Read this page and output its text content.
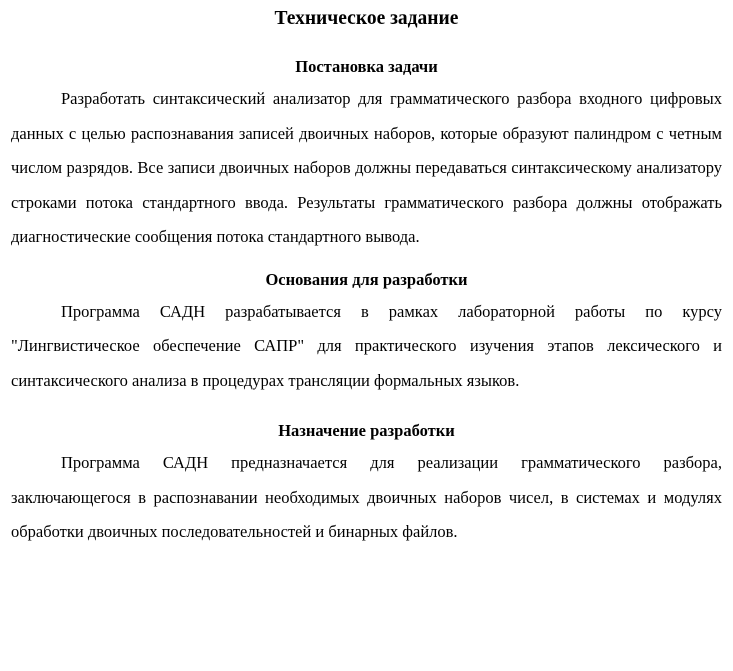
Техническое задание
Постановка задачи

Разработать синтаксический анализатор для грамматического разбора входного цифровых данных с целью распознавания записей двоичных наборов, которые образуют палиндром с четным числом разрядов. Все записи двоичных наборов должны передаваться синтаксическому анализатору строками потока стандартного ввода. Результаты грамматического разбора должны отображать диагностические сообщения потока стандартного вывода.

Основания для разработки

Программа САДН разрабатывается в рамках лабораторной работы по курсу "Лингвистическое обеспечение САПР" для практического изучения этапов лексического и синтаксического анализа в процедурах трансляции формальных языков.

Назначение разработки

Программа САДН предназначается для реализации грамматического разбора, заключающегося в распознавании необходимых двоичных наборов чисел, в системах и модулях обработки двоичных последовательностей и бинарных файлов.
